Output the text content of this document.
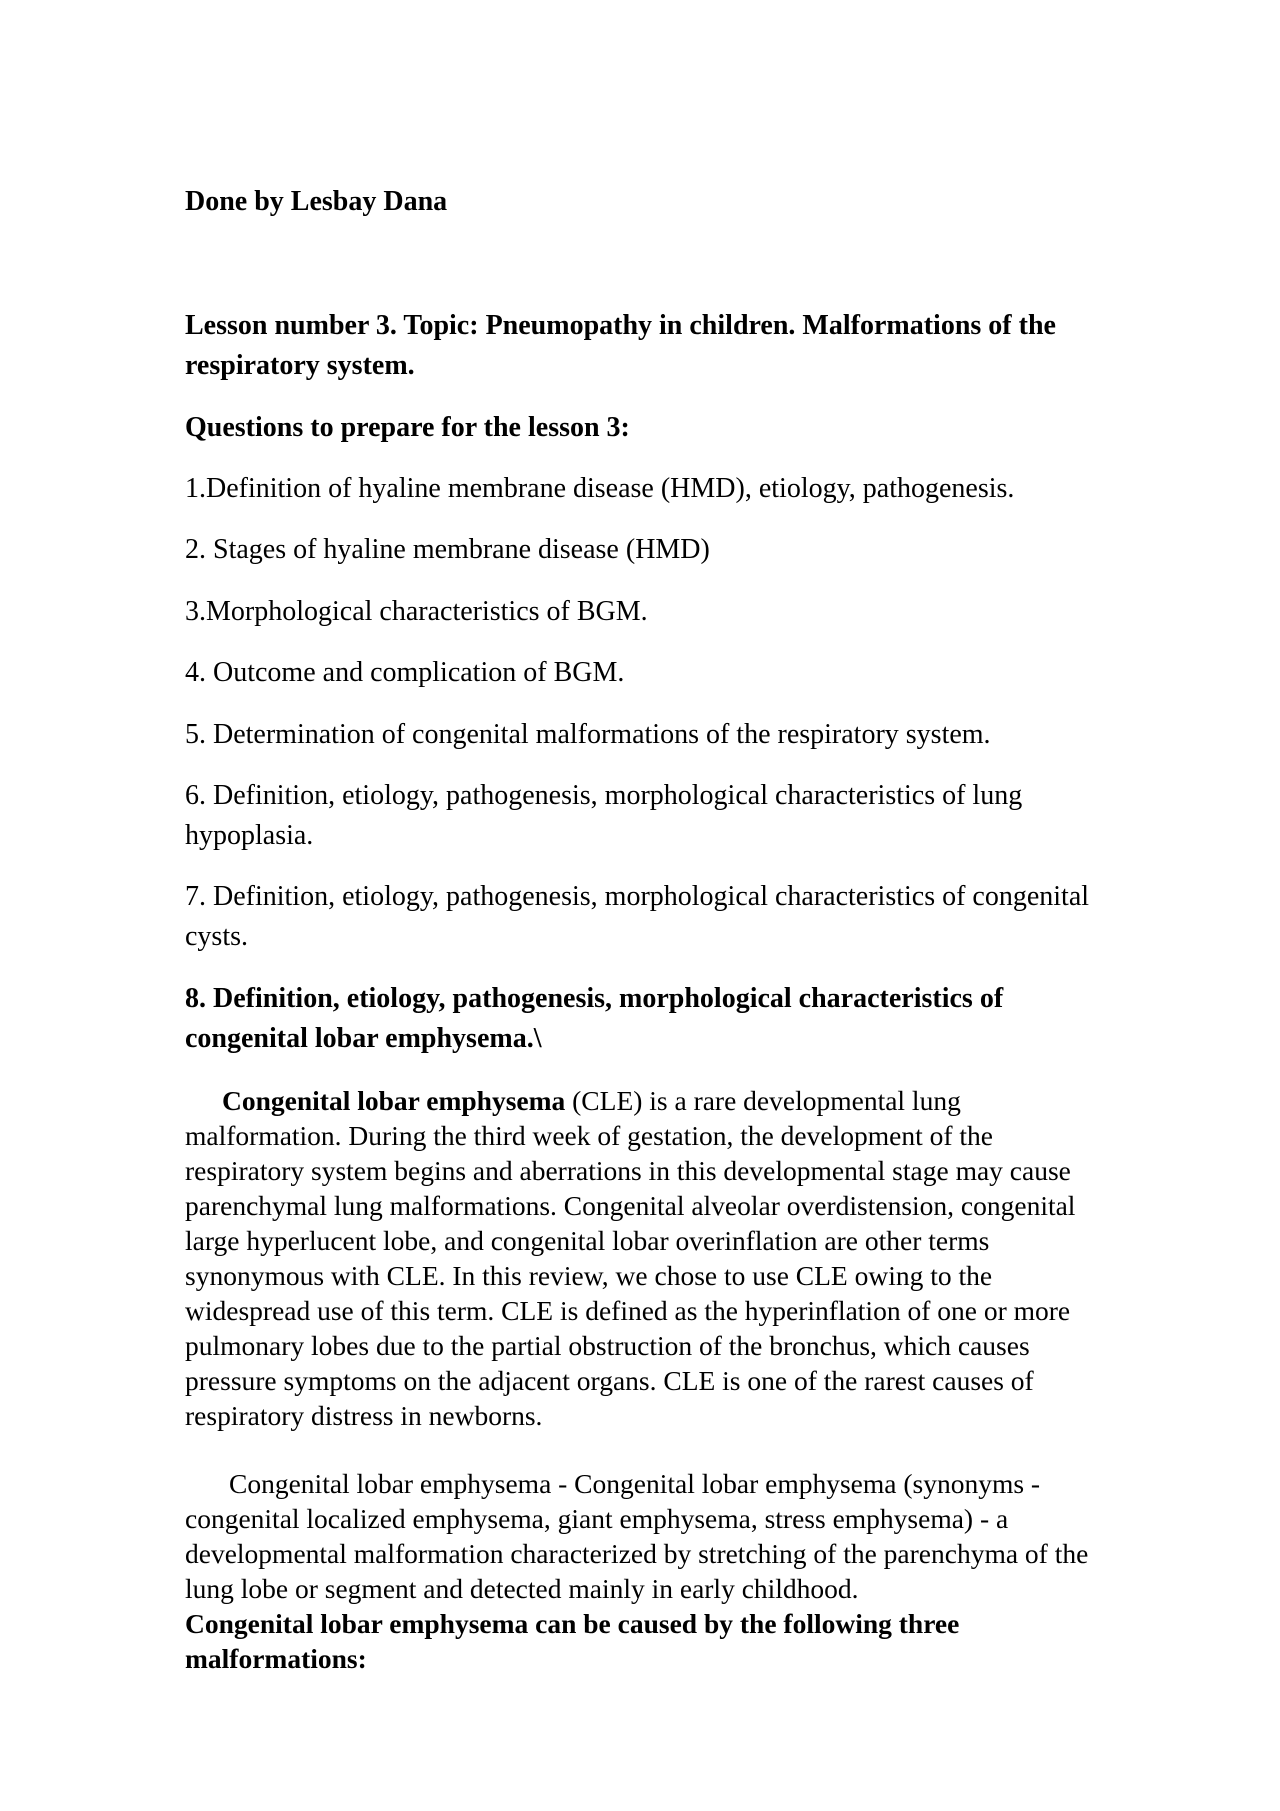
Done by Lesbay Dana

Lesson number 3. Topic: Pneumopathy in children. Malformations of the

respiratory system.

Questions to prepare for the lesson 3:

1.Definition of hyaline membrane disease (HMD), etiology, pathogenesis.

2. Stages of hyaline membrane disease (HMD)

3.Morphological characteristics of BGM.

4. Outcome and complication of BGM.

5. Determination of congenital malformations of the respiratory system.

6. Definition, etiology, pathogenesis, morphological characteristics of lung

hypoplasia.

7. Definition, etiology, pathogenesis, morphological characteristics of congenital

cysts.

8. Definition, etiology, pathogenesis, morphological characteristics of

congenital lobar emphysema.\

Congenital lobar emphysema (CLE) is a rare developmental lung
malformation. During the third week of gestation, the development of the
respiratory system begins and aberrations in this developmental stage may cause
parenchymal lung malformations. Congenital alveolar overdistension, congenital
large hyperlucent lobe, and congenital lobar overinflation are other terms
synonymous with CLE. In this review, we chose to use CLE owing to the
widespread use of this term. CLE is defined as the hyperinflation of one or more
pulmonary lobes due to the partial obstruction of the bronchus, which causes
pressure symptoms on the adjacent organs. CLE is one of the rarest causes of
respiratory distress in newborns.
Congenital lobar emphysema - Congenital lobar emphysema (synonyms -
congenital localized emphysema, giant emphysema, stress emphysema) - a
developmental malformation characterized by stretching of the parenchyma of the
lung lobe or segment and detected mainly in early childhood.
Congenital lobar emphysema can be caused by the following three
malformations:
